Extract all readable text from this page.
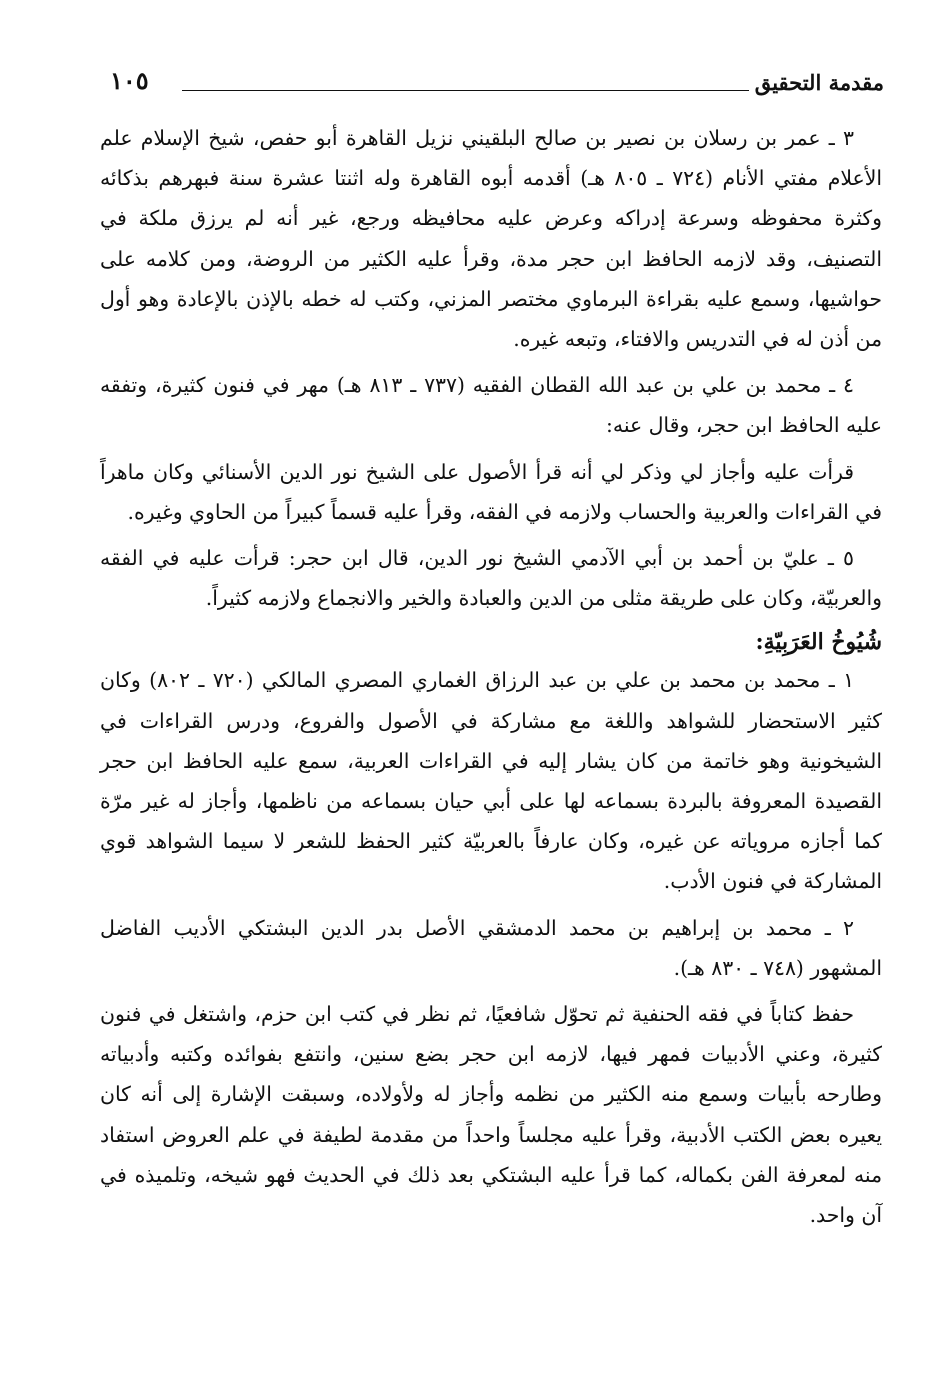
مقدمة التحقيق
١٠٥

٣ ـ عمر بن رسلان بن نصير بن صالح البلقيني نزيل القاهرة أبو حفص، شيخ الإسلام علم الأعلام مفتي الأنام (٧٢٤ ـ ٨٠٥ هـ) أقدمه أبوه القاهرة وله اثنتا عشرة سنة فبهرهم بذكائه وكثرة محفوظه وسرعة إدراكه وعرض عليه محافيظه ورجع، غير أنه لم يرزق ملكة في التصنيف، وقد لازمه الحافظ ابن حجر مدة، وقرأ عليه الكثير من الروضة، ومن كلامه على حواشيها، وسمع عليه بقراءة البرماوي مختصر المزني، وكتب له خطه بالإذن بالإعادة وهو أول من أذن له في التدريس والافتاء، وتبعه غيره.

٤ ـ محمد بن علي بن عبد الله القطان الفقيه (٧٣٧ ـ ٨١٣ هـ) مهر في فنون كثيرة، وتفقه عليه الحافظ ابن حجر، وقال عنه:

قرأت عليه وأجاز لي وذكر لي أنه قرأ الأصول على الشيخ نور الدين الأسنائي وكان ماهراً في القراءات والعربية والحساب ولازمه في الفقه، وقرأ عليه قسماً كبيراً من الحاوي وغيره.

٥ ـ عليّ بن أحمد بن أبي الآدمي الشيخ نور الدين، قال ابن حجر: قرأت عليه في الفقه والعربيّة، وكان على طريقة مثلى من الدين والعبادة والخير والانجماع ولازمه كثيراً.

شُيُوخُ العَرَبِيّةِ:

١ ـ محمد بن محمد بن علي بن عبد الرزاق الغماري المصري المالكي (٧٢٠ ـ ٨٠٢) وكان كثير الاستحضار للشواهد واللغة مع مشاركة في الأصول والفروع، ودرس القراءات في الشيخونية وهو خاتمة من كان يشار إليه في القراءات العربية، سمع عليه الحافظ ابن حجر القصيدة المعروفة بالبردة بسماعه لها على أبي حيان بسماعه من ناظمها، وأجاز له غير مرّة كما أجازه مروياته عن غيره، وكان عارفاً بالعربيّة كثير الحفظ للشعر لا سيما الشواهد قوي المشاركة في فنون الأدب.

٢ ـ محمد بن إبراهيم بن محمد الدمشقي الأصل بدر الدين البشتكي الأديب الفاضل المشهور (٧٤٨ ـ ٨٣٠ هـ).

حفظ كتاباً في فقه الحنفية ثم تحوّل شافعيًا، ثم نظر في كتب ابن حزم، واشتغل في فنون كثيرة، وعني الأدبيات فمهر فيها، لازمه ابن حجر بضع سنين، وانتفع بفوائده وكتبه وأدبياته وطارحه بأبيات وسمع منه الكثير من نظمه وأجاز له ولأولاده، وسبقت الإشارة إلى أنه كان يعيره بعض الكتب الأدبية، وقرأ عليه مجلساً واحداً من مقدمة لطيفة في علم العروض استفاد منه لمعرفة الفن بكماله، كما قرأ عليه البشتكي بعد ذلك في الحديث فهو شيخه، وتلميذه في آن واحد.
